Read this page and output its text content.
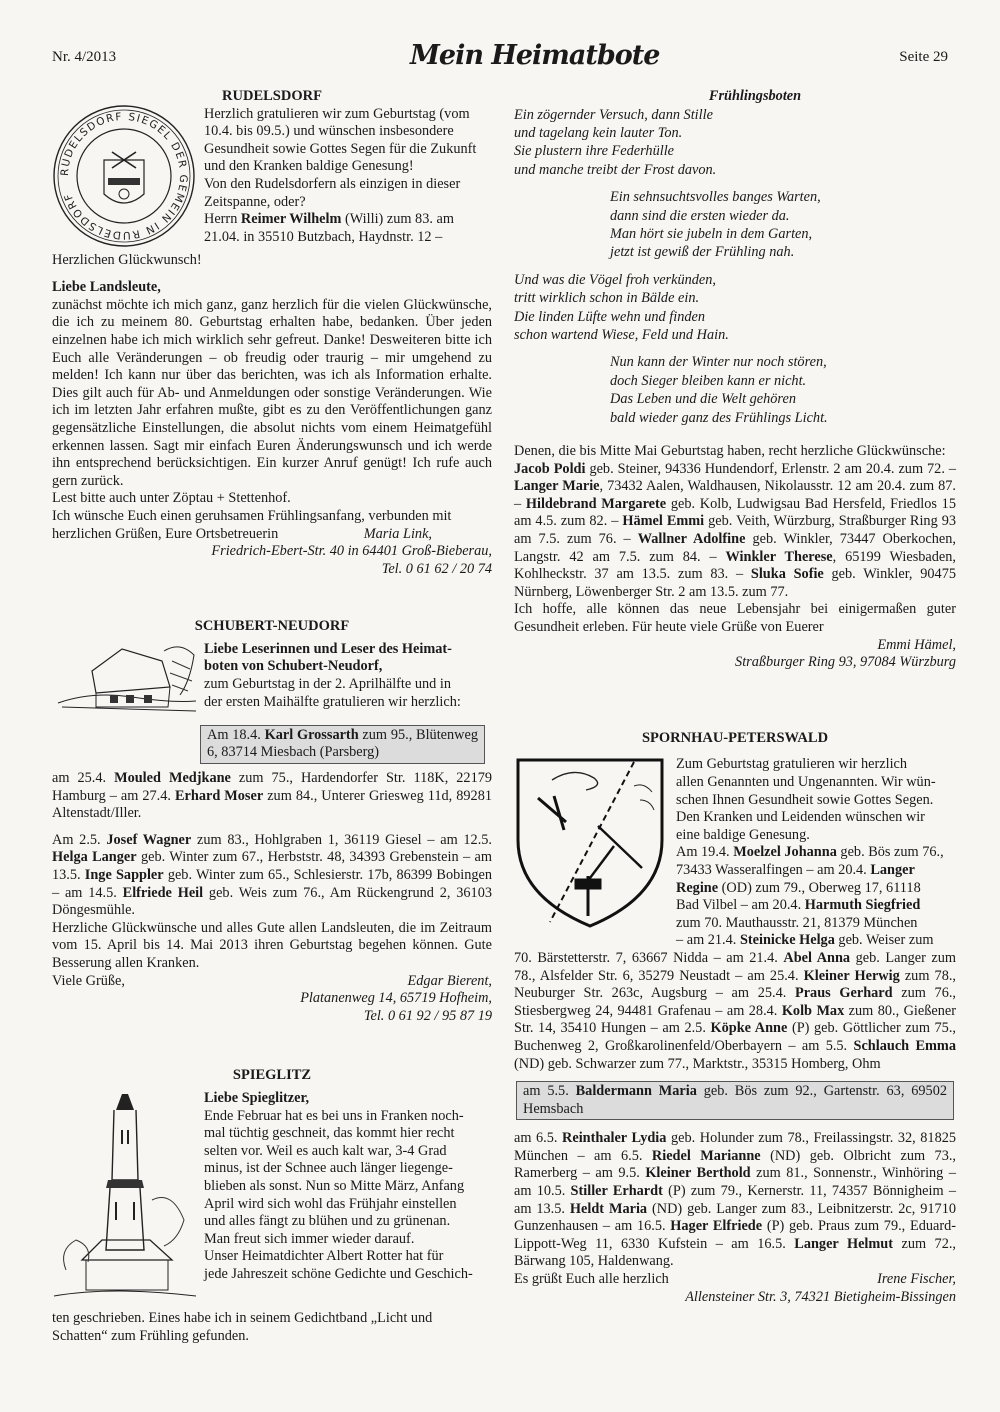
Nr. 4/2013	Mein Heimatbote	Seite 29

RUDELSDORF

RUDELSDORF SIEGEL DER GEMEIN IN RUDELSDORF

Herzlich gratulieren wir zum Geburtstag (vom

10.4. bis 09.5.) und wünschen insbesondere

Gesundheit sowie Gottes Segen für die Zukunft

und den Kranken baldige Genesung!

Von den Rudelsdorfern als einzigen in dieser

Zeitspanne, oder?

Herrn Reimer Wilhelm (Willi) zum 83. am

21.04. in 35510 Butzbach, Haydnstr. 12 –

Herzlichen Glückwunsch!

Liebe Landsleute,

zunächst möchte ich mich ganz, ganz herzlich für die vielen Glückwünsche, die ich zu meinem 80. Geburtstag erhalten habe, bedanken. Über jeden einzelnen habe ich mich wirklich sehr gefreut. Danke! Desweiteren bitte ich Euch alle Veränderungen – ob freudig oder traurig – mir umgehend zu melden! Ich kann nur über das berichten, was ich als Information erhalte. Dies gilt auch für Ab- und Anmeldungen oder sonstige Veränderungen. Wie ich im letzten Jahr erfahren mußte, gibt es zu den Veröffentlichungen ganz gegensätzliche Einstellungen, die absolut nichts vom einem Heimatgefühl erkennen lassen. Sagt mir einfach Euren Änderungswunsch und ich werde ihn entsprechend berücksichtigen. Ein kurzer Anruf genügt! Ich rufe auch gern zurück.

Lest bitte auch unter Zöptau + Stettenhof.

Ich wünsche Euch einen geruhsamen Frühlingsanfang, verbunden mit herzlichen Grüßen, Eure Ortsbetreuerin	Maria Link,

Friedrich-Ebert-Str. 40 in 64401 Groß-Bieberau,

Tel. 0 61 62 / 20 74

SCHUBERT-NEUDORF

Liebe Leserinnen und Leser des Heimat-

boten von Schubert-Neudorf,

zum Geburtstag in der 2. Aprilhälfte und in

der ersten Maihälfte gratulieren wir herzlich:

Am 18.4. Karl Grossarth zum 95., Blütenweg 6, 83714 Miesbach (Parsberg)

am 25.4. Mouled Medjkane zum 75., Hardendorfer Str. 118K, 22179 Hamburg – am 27.4. Erhard Moser zum 84., Unterer Griesweg 11d, 89281 Altenstadt/Iller.

Am 2.5. Josef Wagner zum 83., Hohlgraben 1, 36119 Giesel – am 12.5. Helga Langer geb. Winter zum 67., Herbststr. 48, 34393 Grebenstein – am 13.5. Inge Sappler geb. Winter zum 65., Schlesierstr. 17b, 86399 Bobingen – am 14.5. Elfriede Heil geb. Weis zum 76., Am Rückengrund 2, 36103 Döngesmühle.

Herzliche Glückwünsche und alles Gute allen Landsleuten, die im Zeitraum vom 15. April bis 14. Mai 2013 ihren Geburtstag begehen können. Gute Besserung allen Kranken.

Viele Grüße,	Edgar Bierent,

Platanenweg 14, 65719 Hofheim,

Tel. 0 61 92 / 95 87 19

SPIEGLITZ

Liebe Spieglitzer,

Ende Februar hat es bei uns in Franken noch-

mal tüchtig geschneit, das kommt hier recht

selten vor. Weil es auch kalt war, 3-4 Grad

minus, ist der Schnee auch länger liegenge-

blieben als sonst. Nun so Mitte März, Anfang

April wird sich wohl das Frühjahr einstellen

und alles fängt zu blühen und zu grünenan.

Man freut sich immer wieder darauf.

Unser Heimatdichter Albert Rotter hat für

jede Jahreszeit schöne Gedichte und Geschich-

ten geschrieben. Eines habe ich in seinem Gedichtband „Licht und

Schatten“ zum Frühling gefunden.

Frühlingsboten

Ein zögernder Versuch, dann Stille

und tagelang kein lauter Ton.

Sie plustern ihre Federhülle

und manche treibt der Frost davon.

Ein sehnsuchtsvolles banges Warten,

dann sind die ersten wieder da.

Man hört sie jubeln in dem Garten,

jetzt ist gewiß der Frühling nah.

Und was die Vögel froh verkünden,

tritt wirklich schon in Bälde ein.

Die linden Lüfte wehn und finden

schon wartend Wiese, Feld und Hain.

Nun kann der Winter nur noch stören,

doch Sieger bleiben kann er nicht.

Das Leben und die Welt gehören

bald wieder ganz des Frühlings Licht.

Denen, die bis Mitte Mai Geburtstag haben, recht herzliche Glückwünsche:

Jacob Poldi geb. Steiner, 94336 Hundendorf, Erlenstr. 2 am 20.4. zum 72. – Langer Marie, 73432 Aalen, Waldhausen, Nikolausstr. 12 am 20.4. zum 87. – Hildebrand Margarete geb. Kolb, Ludwigsau Bad Hersfeld, Friedlos 15 am 4.5. zum 82. – Hämel Emmi geb. Veith, Würzburg, Straßburger Ring 93 am 7.5. zum 76. – Wallner Adolfine geb. Winkler, 73447 Oberkochen, Langstr. 42 am 7.5. zum 84. – Winkler Therese, 65199 Wiesbaden, Kohlheckstr. 37 am 13.5. zum 83. – Sluka Sofie geb. Winkler, 90475 Nürnberg, Löwenberger Str. 2 am 13.5. zum 77.

Ich hoffe, alle können das neue Lebensjahr bei einigermaßen guter Gesundheit erleben. Für heute viele Grüße von Euerer

Emmi Hämel,

Straßburger Ring 93, 97084 Würzburg

SPORNHAU-PETERSWALD

Zum Geburtstag gratulieren wir herzlich

allen Genannten und Ungenannten. Wir wün-

schen Ihnen Gesundheit sowie Gottes Segen.

Den Kranken und Leidenden wünschen wir

eine baldige Genesung.

Am 19.4. Moelzel Johanna geb. Bös zum 76.,

73433 Wasseralfingen – am 20.4. Langer

Regine (OD) zum 79., Oberweg 17, 61118

Bad Vilbel – am 20.4. Harmuth Siegfried

zum 70. Mauthausstr. 21, 81379 München

– am 21.4. Steinicke Helga geb. Weiser zum

70. Bärstetterstr. 7, 63667 Nidda – am 21.4. Abel Anna geb. Langer zum 78., Alsfelder Str. 6, 35279 Neustadt – am 25.4. Kleiner Herwig zum 78., Neuburger Str. 263c, Augsburg – am 25.4. Praus Gerhard zum 76., Stiesbergweg 24, 94481 Grafenau – am 28.4. Kolb Max zum 80., Gießener Str. 14, 35410 Hungen – am 2.5. Köpke Anne (P) geb. Göttlicher zum 75., Buchenweg 2, Großkarolinenfeld/Oberbayern – am 5.5. Schlauch Emma (ND) geb. Schwarzer zum 77., Marktstr., 35315 Homberg, Ohm

am 5.5. Baldermann Maria geb. Bös zum 92., Gartenstr. 63, 69502 Hemsbach

am 6.5. Reinthaler Lydia geb. Holunder zum 78., Freilassingstr. 32, 81825 München – am 6.5. Riedel Marianne (ND) geb. Olbricht zum 73., Ramerberg – am 9.5. Kleiner Berthold zum 81., Sonnenstr., Winhöring – am 10.5. Stiller Erhardt (P) zum 79., Kernerstr. 11, 74357 Bönnigheim – am 13.5. Heldt Maria (ND) geb. Langer zum 83., Leibnitzerstr. 2c, 91710 Gunzenhausen – am 16.5. Hager Elfriede (P) geb. Praus zum 79., Eduard-Lippott-Weg 11, 6330 Kufstein – am 16.5. Langer Helmut zum 72., Bärwang 105, Haldenwang.

Es grüßt Euch alle herzlich	Irene Fischer,

Allensteiner Str. 3, 74321 Bietigheim-Bissingen
